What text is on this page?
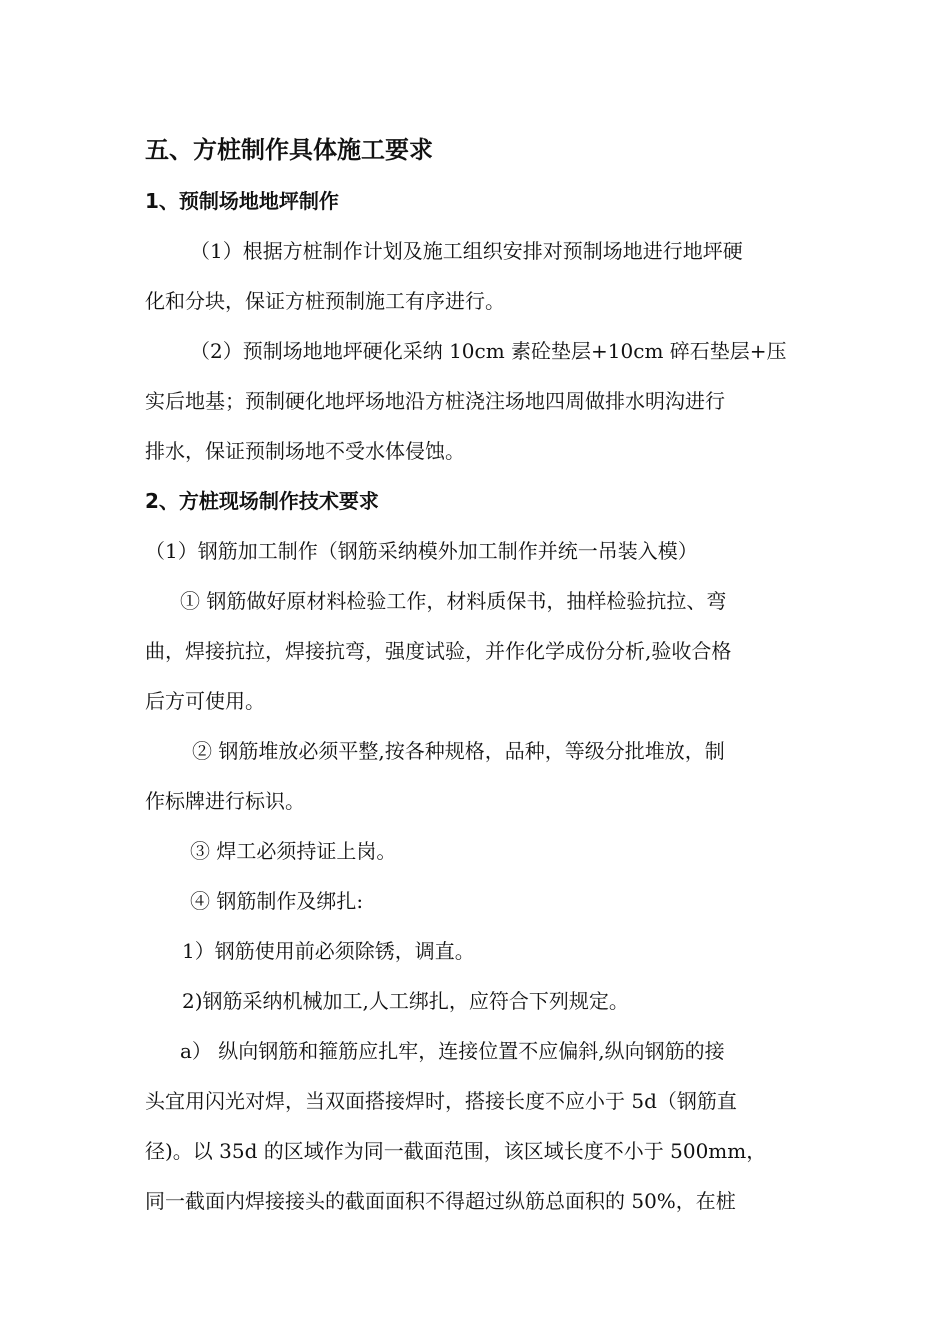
五、方桩制作具体施工要求
1、预制场地地坪制作
（1）根据方桩制作计划及施工组织安排对预制场地进行地坪硬
化和分块，保证方桩预制施工有序进行。
（2）预制场地地坪硬化采纳 10cm 素砼垫层+10cm 碎石垫层+压
实后地基；预制硬化地坪场地沿方桩浇注场地四周做排水明沟进行
排水，保证预制场地不受水体侵蚀。
2、方桩现场制作技术要求
（1）钢筋加工制作（钢筋采纳模外加工制作并统一吊装入模）
① 钢筋做好原材料检验工作，材料质保书，抽样检验抗拉、弯
曲，焊接抗拉，焊接抗弯，强度试验，并作化学成份分析,验收合格
后方可使用。
② 钢筋堆放必须平整,按各种规格，品种，等级分批堆放，制
作标牌进行标识。
③ 焊工必须持证上岗。
④ 钢筋制作及绑扎:
1）钢筋使用前必须除锈，调直。
2)钢筋采纳机械加工,人工绑扎，应符合下列规定。
a） 纵向钢筋和箍筋应扎牢，连接位置不应偏斜,纵向钢筋的接
头宜用闪光对焊，当双面搭接焊时，搭接长度不应小于 5d（钢筋直
径)。以 35d 的区域作为同一截面范围，该区域长度不小于 500mm，
同一截面内焊接接头的截面面积不得超过纵筋总面积的 50%，在桩
